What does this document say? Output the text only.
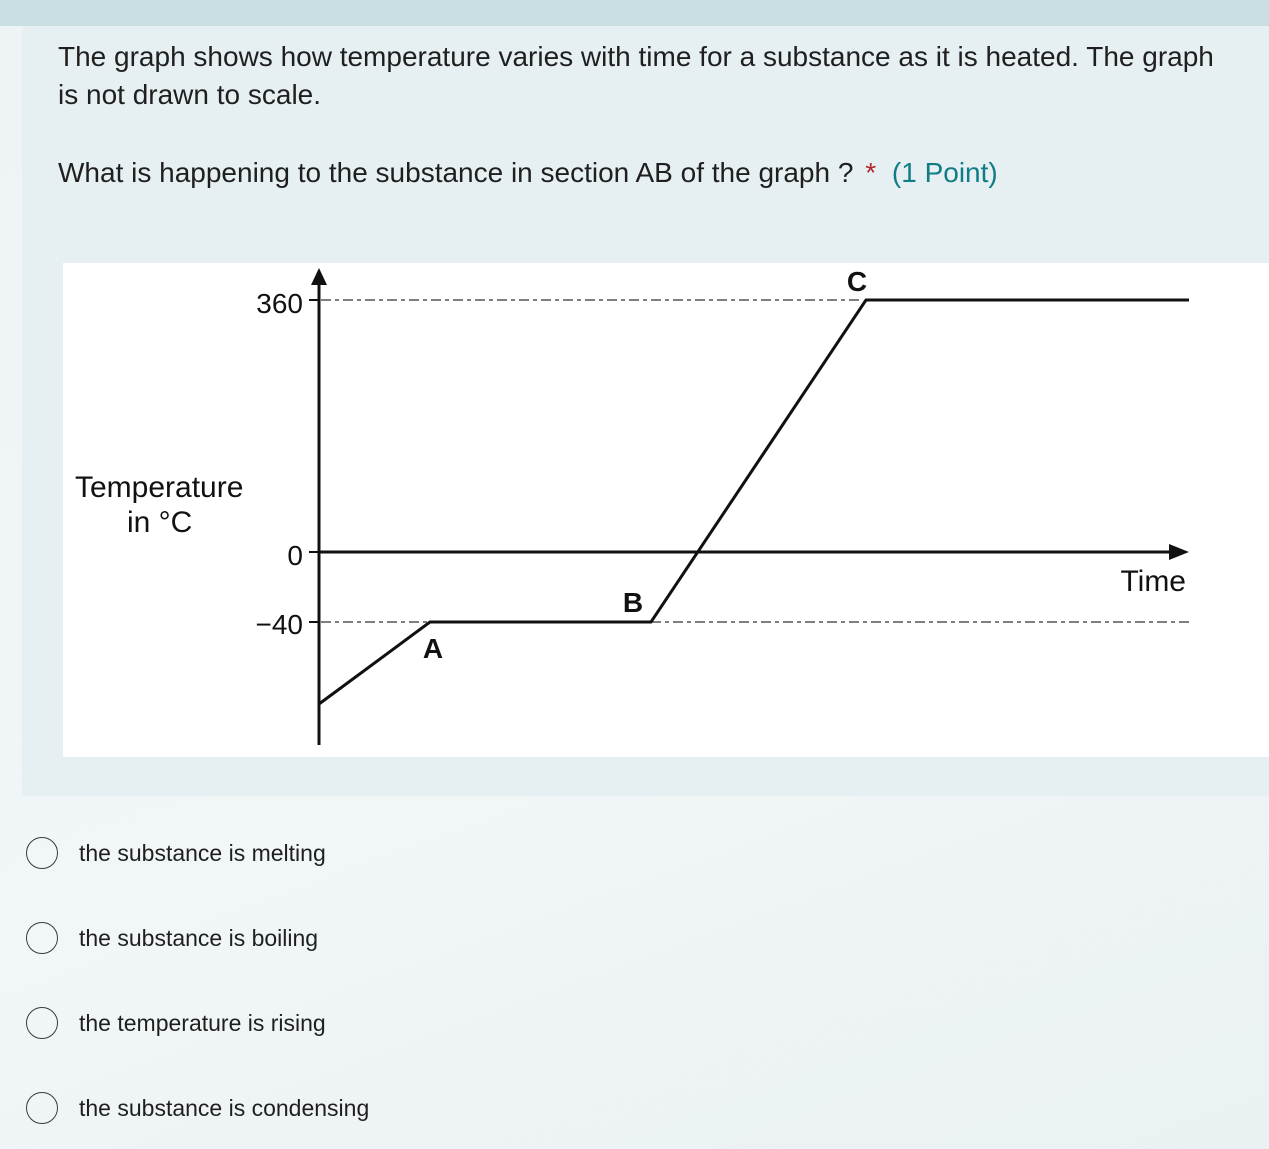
The graph shows how temperature varies with time for a substance as it is heated. The graph
is not drawn to scale.

What is happening to the substance in section AB of the graph ? * (1 Point)

360
0
−40
Temperature
in °C
Time
A
B
C
the substance is melting
the substance is boiling
the temperature is rising
the substance is condensing
